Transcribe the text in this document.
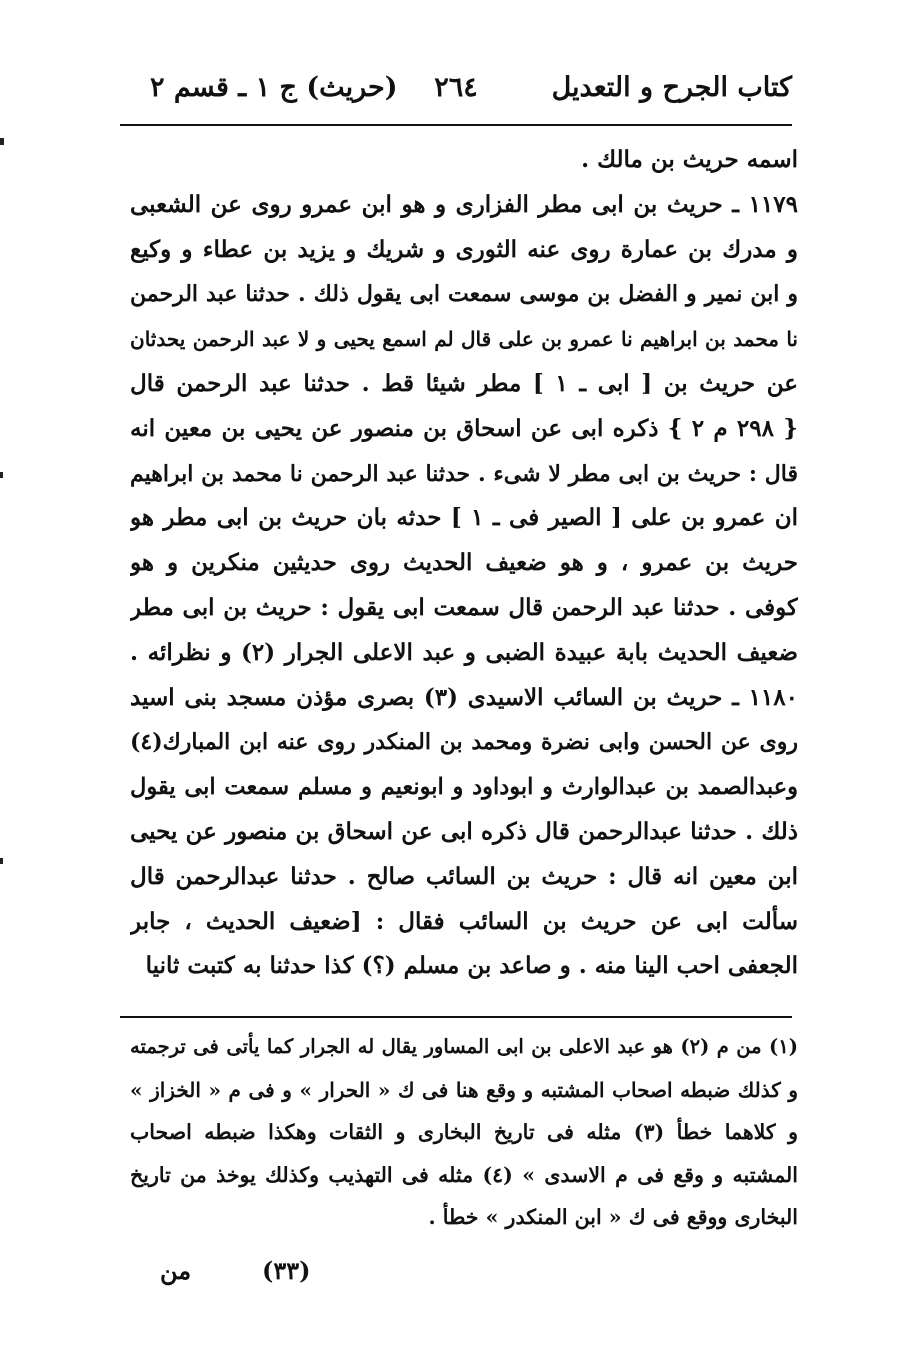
كتاب الجرح و التعديل
٢٦٤
(حريث) ج ١ ـ قسم ٢
اسمه حريث بن مالك .
١١٧٩ ـ حريث بن ابى مطر الفزارى و هو ابن عمرو روى عن الشعبى
و مدرك بن عمارة روى عنه الثورى و شريك و يزيد بن عطاء و وكيع
و ابن نمير و الفضل بن موسى سمعت ابى يقول ذلك . حدثنا عبد الرحمن
نا محمد بن ابراهيم نا عمرو بن على قال لم اسمع يحيى و لا عبد الرحمن يحدثان
عن حريث بن [ ابى ـ ١ ] مطر شيئا قط . حدثنا عبد الرحمن قال
{ ٢٩٨ م ٢ } ذكره ابى عن اسحاق بن منصور عن يحيى بن معين انه
قال : حريث بن ابى مطر لا شىء . حدثنا عبد الرحمن نا محمد بن ابراهيم
ان عمرو بن على [ الصير فى ـ ١ ] حدثه بان حريث بن ابى مطر هو
حريث بن عمرو ، و هو ضعيف الحديث روى حديثين منكرين و هو
كوفى . حدثنا عبد الرحمن قال سمعت ابى يقول : حريث بن ابى مطر
ضعيف الحديث بابة عبيدة الضبى و عبد الاعلى الجرار (٢) و نظرائه .
١١٨٠ ـ حريث بن السائب الاسيدى (٣) بصرى مؤذن مسجد بنى اسيد
روى عن الحسن وابى نضرة ومحمد بن المنكدر روى عنه ابن المبارك(٤)
وعبدالصمد بن عبدالوارث و ابوداود و ابونعيم و مسلم سمعت ابى يقول
ذلك . حدثنا عبدالرحمن قال ذكره ابى عن اسحاق بن منصور عن يحيى
ابن معين انه قال : حريث بن السائب صالح . حدثنا عبدالرحمن قال
سألت ابى عن حريث بن السائب فقال : [ضعيف الحديث ، جابر
الجعفى احب الينا منه . و صاعد بن مسلم (؟) كذا حدثنا به كتبت ثانيا
(١) من م (٢) هو عبد الاعلى بن ابى المساور يقال له الجرار كما يأتى فى ترجمته
و كذلك ضبطه اصحاب المشتبه و وقع هنا فى ك « الحرار » و فى م « الخزاز »
و كلاهما خطأ (٣) مثله فى تاريخ البخارى و الثقات وهكذا ضبطه اصحاب
المشتبه و وقع فى م الاسدى » (٤) مثله فى التهذيب وكذلك يوخذ من تاريخ
البخارى ووقع فى ك « ابن المنكدر » خطأ .
(٣٣)
من
